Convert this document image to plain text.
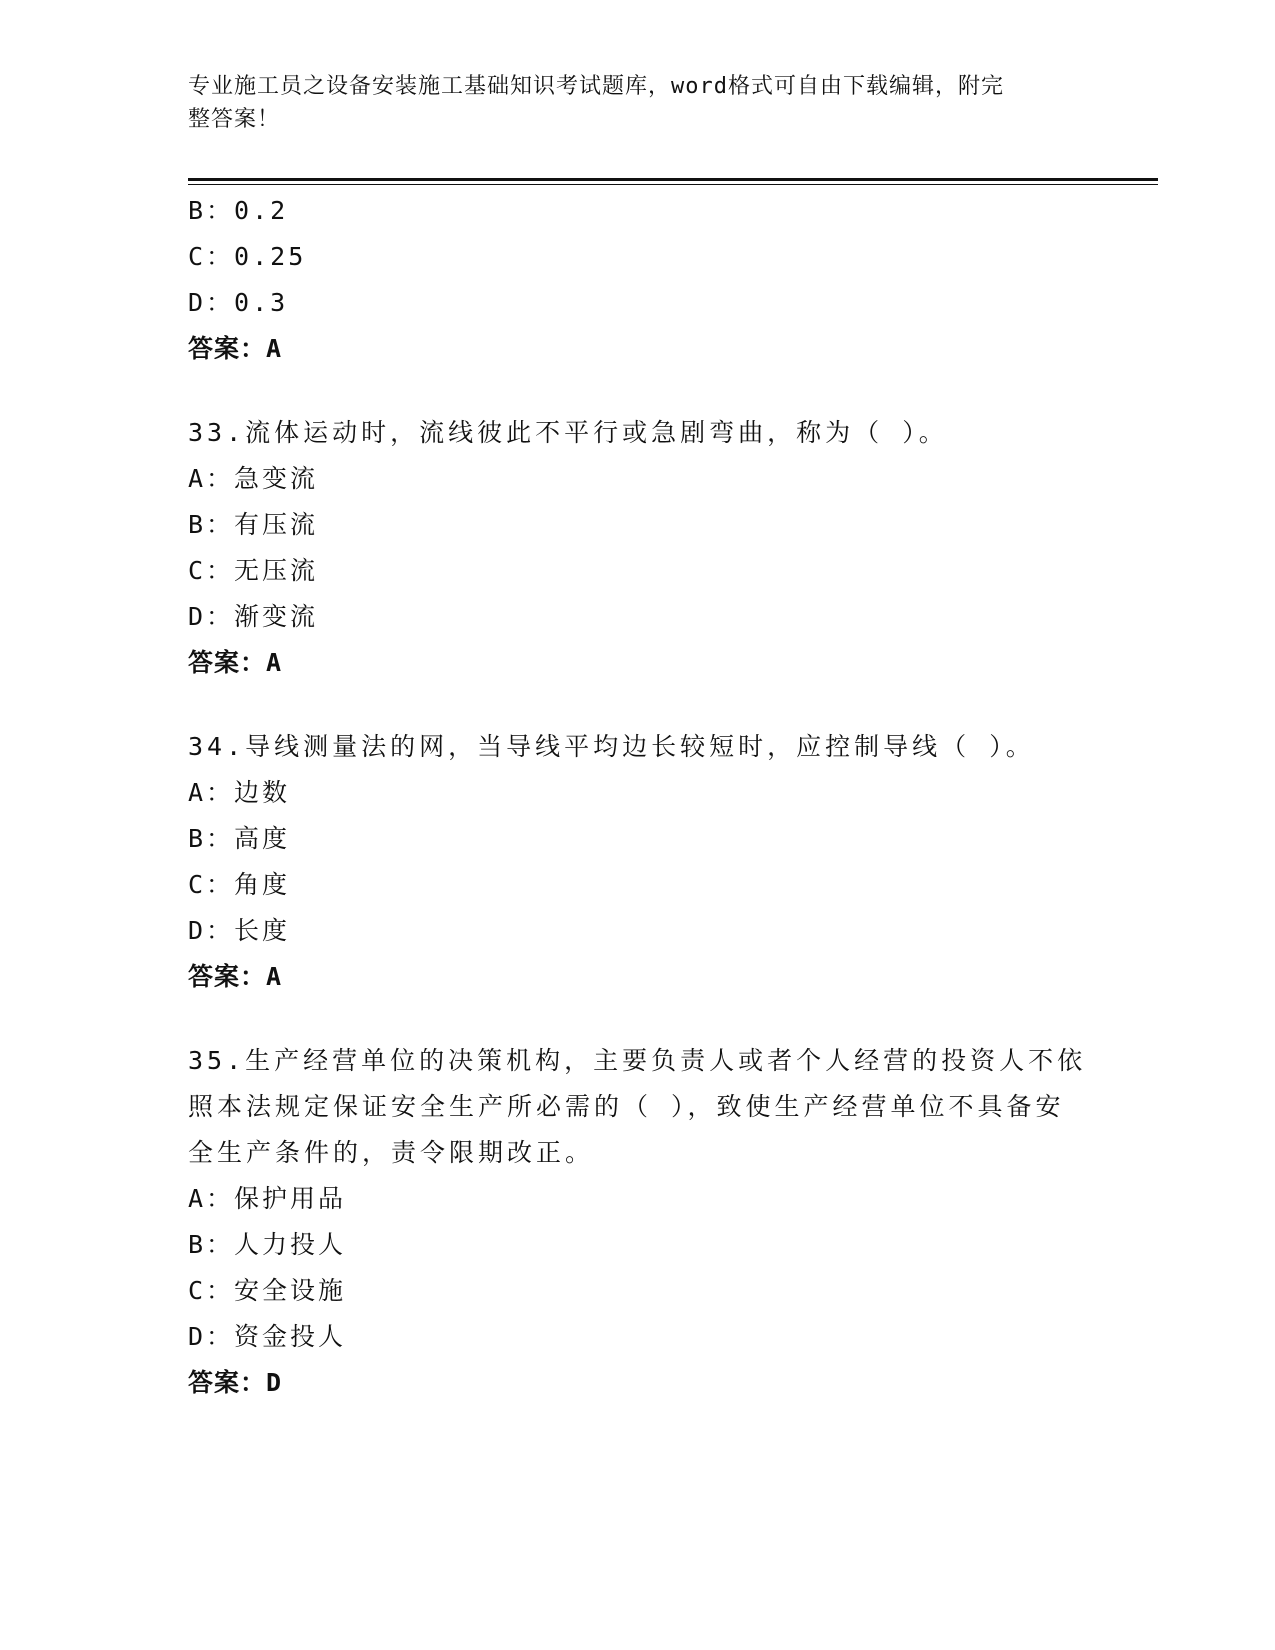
专业施工员之设备安装施工基础知识考试题库，word格式可自由下载编辑，附完
整答案！
B：0.2
C：0.25
D：0.3
答案：A
33.流体运动时，流线彼此不平行或急剧弯曲，称为（ ）。
A：急变流
B：有压流
C：无压流
D：渐变流
答案：A
34.导线测量法的网，当导线平均边长较短时，应控制导线（ ）。
A：边数
B：高度
C：角度
D：长度
答案：A
35.生产经营单位的决策机构，主要负责人或者个人经营的投资人不依
照本法规定保证安全生产所必需的（ ），致使生产经营单位不具备安
全生产条件的，责令限期改正。
A：保护用品
B：人力投人
C：安全设施
D：资金投人
答案：D
